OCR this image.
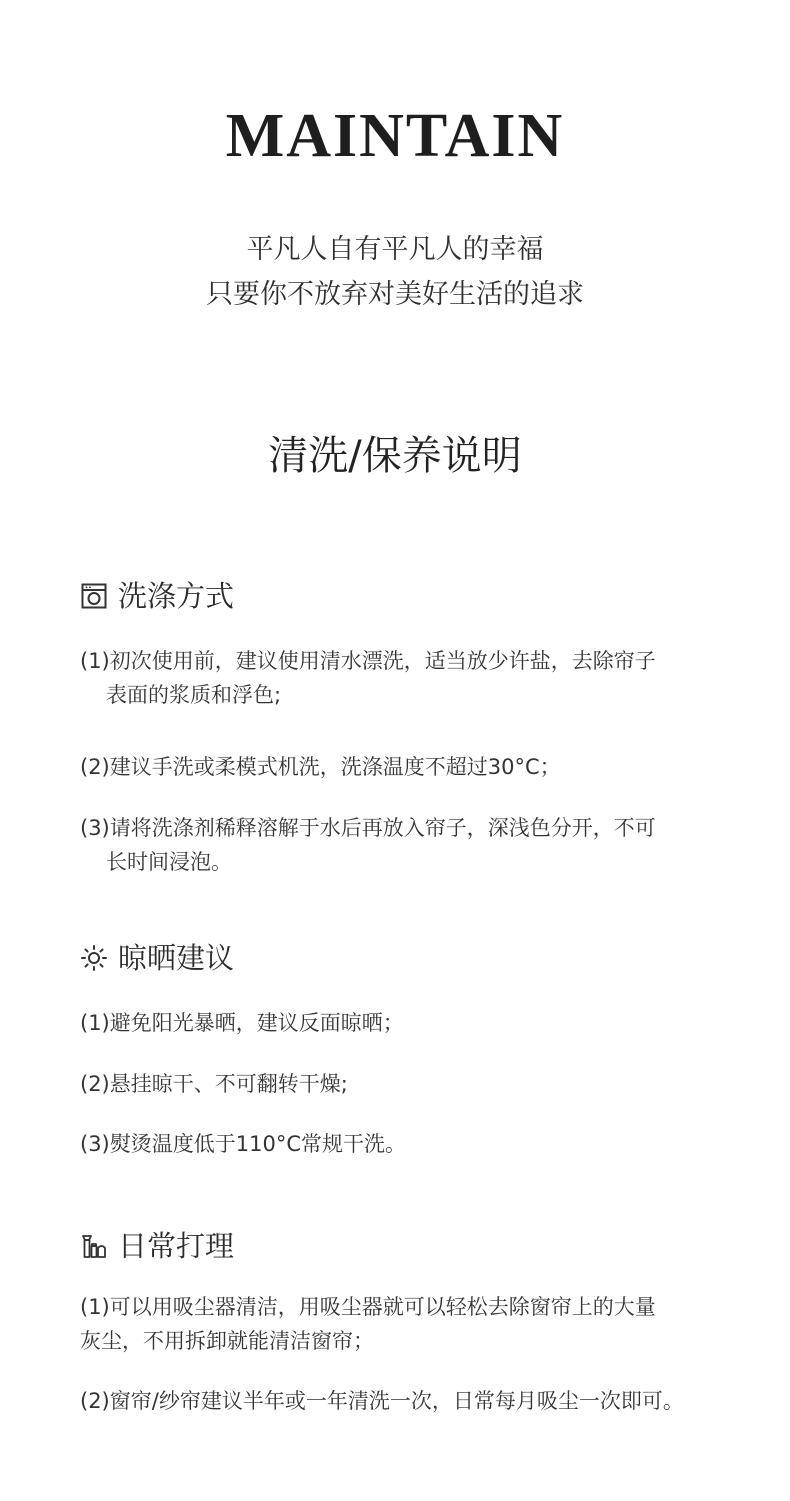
MAINTAIN
平凡人自有平凡人的幸福
只要你不放弃对美好生活的追求
清洗/保养说明
洗涤方式
(1)初次使用前，建议使用清水漂洗，适当放少许盐，去除帘子
表面的浆质和浮色;
(2)建议手洗或柔模式机洗，洗涤温度不超过30°C；
(3)请将洗涤剂稀释溶解于水后再放入帘子，深浅色分开，不可
长时间浸泡。
晾晒建议
(1)避免阳光暴晒，建议反面晾晒；
(2)悬挂晾干、不可翻转干燥;
(3)熨烫温度低于110°C常规干洗。
日常打理
(1)可以用吸尘器清洁，用吸尘器就可以轻松去除窗帘上的大量
灰尘，不用拆卸就能清洁窗帘；
(2)窗帘/纱帘建议半年或一年清洗一次，日常每月吸尘一次即可。
